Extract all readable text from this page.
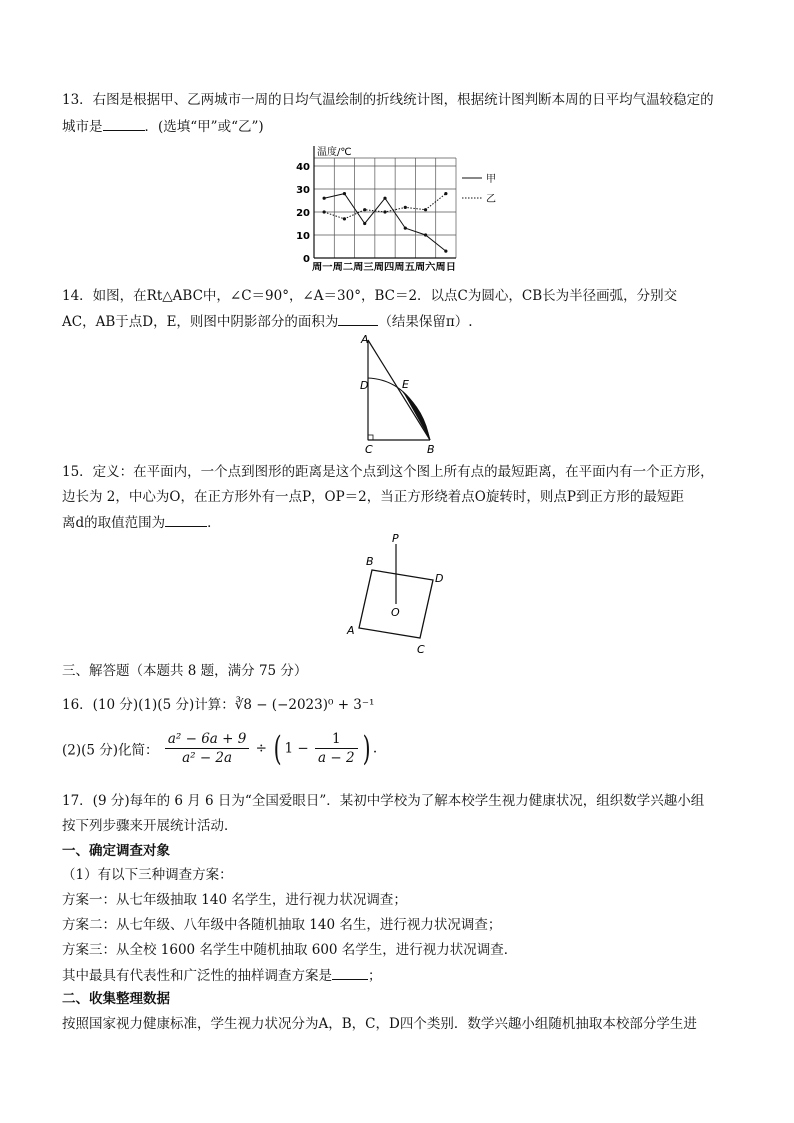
13．右图是根据甲、乙两城市一周的日均气温绘制的折线统计图，根据统计图判断本周的日平均气温较稳定的
城市是	．(选填“甲”或“乙”)
0
10
20
30
40
温度/℃
周一周二周三周四周五周六周日
甲
乙
14．如图，在Rt△ABC中，∠C＝90°，∠A＝30°，BC＝2．以点C为圆心，CB长为半径画弧，分别交
AC，AB于点D，E，则图中阴影部分的面积为	（结果保留π）.
A
D	E
C	B
15．定义：在平面内，一个点到图形的距离是这个点到这个图上所有点的最短距离，在平面内有一个正方形，
边长为 2，中心为O，在正方形外有一点P，OP＝2，当正方形绕着点O旋转时，则点P到正方形的最短距
离d的取值范围为	．
P
B
D
O
A
C
三、解答题（本题共 8 题，满分 75 分）
16．(10 分)(1)(5 分)计算：∛8 − (−2023)⁰ + 3⁻¹
(2)(5 分)化简： $\frac{\text{a² − 6a + 9}}{\text{a² − 2a}}$ ÷ ( $1 - \frac{1}{a - 2}$ ) .
17．(9 分)每年的 6 月 6 日为“全国爱眼日”．某初中学校为了解本校学生视力健康状况，组织数学兴趣小组
按下列步骤来开展统计活动．
一、确定调查对象
（1）有以下三种调查方案：
方案一：从七年级抽取 140 名学生，进行视力状况调查；
方案二：从七年级、八年级中各随机抽取 140 名生，进行视力状况调查；
方案三：从全校 1600 名学生中随机抽取 600 名学生，进行视力状况调查．
其中最具有代表性和广泛性的抽样调查方案是	；
二、收集整理数据
按照国家视力健康标准，学生视力状况分为A，B，C，D四个类别．数学兴趣小组随机抽取本校部分学生进
